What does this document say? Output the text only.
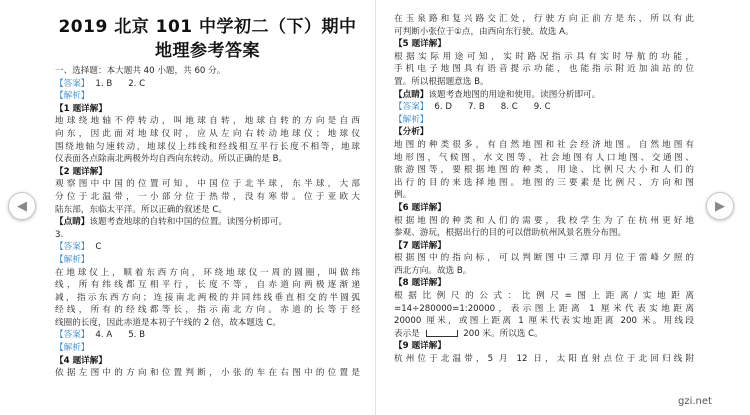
◀	▶
2019 北京 101 中学初二（下）期中
地理参考答案
一、选择题：本大题共 40 小题，共 60 分。
【答案】 1. B 2. C
【解析】
【1 题详解】
地球绕地轴不停转动，叫地球自转，地球自转的方向是自西
向东，因此面对地球仪时，应从左向右转动地球仪；地球仪
围绕地轴匀速转动，地球仪上纬线和经线相互平行长度不相等，地球
仪表面各点除南北两极外均自西向东转动。所以正确的是 B。
【2 题详解】
观察图中中国的位置可知，中国位于北半球，东半球，大部
分位于北温带，一小部分位于热带，没有寒带。位于亚欧大
陆东部，东临太平洋。所以正确的叙述是 C。
【点睛】该题考查地球的自转和中国的位置。读图分析即可。
3.
【答案】 C
【解析】
在地球仪上，顺着东西方向，环绕地球仪一周的圆圈，叫做纬
线，所有纬线都互相平行，长度不等，自赤道向两极逐渐递
减，指示东西方向；连接南北两极的并同纬线垂直相交的半圆弧
经线，所有的经线都等长，指示南北方向。赤道的长等于经
线圈的长度，因此赤道是本初子午线的 2 倍，故本题选 C。
【答案】 4. A 5. B
【解析】
【4 题详解】
依据左图中的方向和位置判断，小张的车在右图中的位置是
在玉泉路和复兴路交汇处，行驶方向正前方是东，所以有此
可判断小张位于①点，由西向东行驶。故选 A。
【5 题详解】
根据实际用途可知，实时路况指示具有实时导航的功能，
手机电子地图具有语音提示功能，也能指示附近加油站的位
置。所以根据题意选 B。
【点睛】该题考查地图的用途和使用。读图分析即可。
【答案】 6. D 7. B 8. C 9. C
【解析】
【分析】
地图的种类很多，有自然地图和社会经济地图。自然地图有
地形图，气候图，水文图等，社会地图有人口地图、交通图、
旅游图等，要根据地图的种类，用途、比例尺大小和人们的
出行的目的来选择地图。地图的三要素是比例尺、方向和图
例。
【6 题详解】
根据地图的种类和人们的需要，我校学生为了在杭州更好地
参观、游玩，根据出行的目的可以借助杭州风景名胜分布图。
【7 题详解】
根据图中的指向标，可以判断图中三潭印月位于雷峰夕照的
西北方向。故选 B。
【8 题详解】
根据比例尺的公式：比例尺=图上距离/实地距离
=14÷280000=1:20000，表示图上距离 1 厘米代表实地距离
20000 厘米，或图上距离 1 厘米代表实地距离 200 米。用线段
表示是	200 米。所以选 C。
【9 题详解】
杭州位于北温带，5 月 12 日，太阳直射点位于北回归线附
gzi.net
